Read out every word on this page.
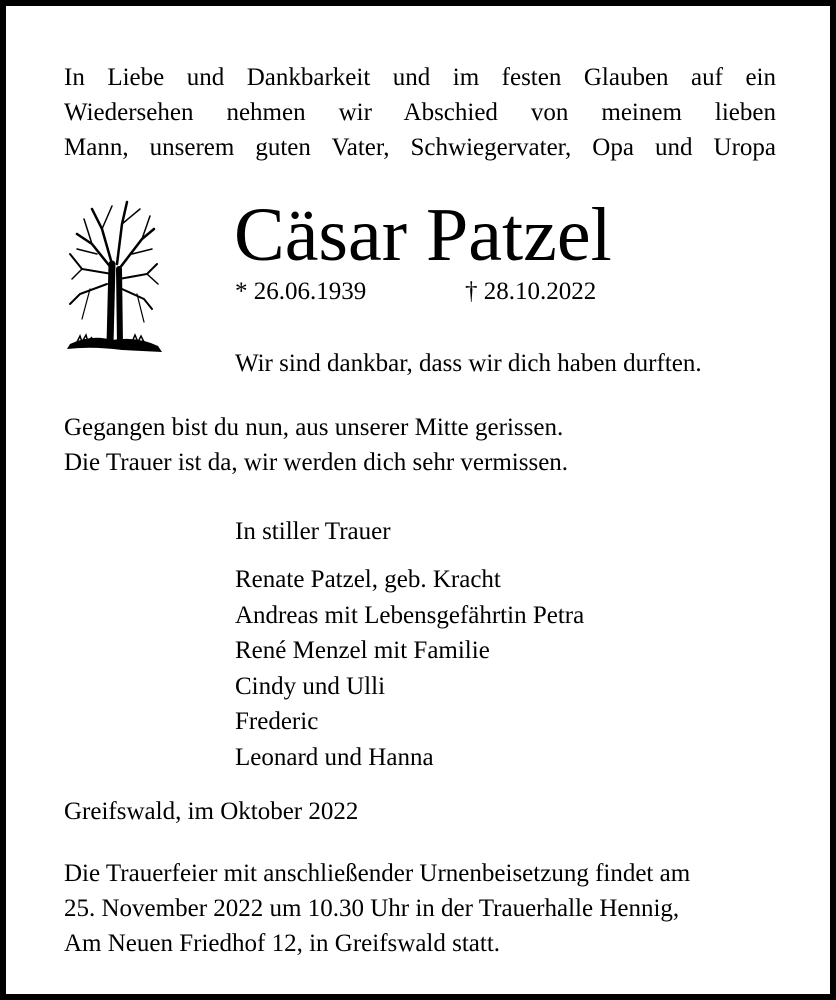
In Liebe und Dankbarkeit und im festen Glauben auf ein
Wiedersehen nehmen wir Abschied von meinem lieben
Mann, unserem guten Vater, Schwiegervater, Opa und Uropa
Cäsar Patzel
* 26.06.1939	† 28.10.2022
Wir sind dankbar, dass wir dich haben durften.
Gegangen bist du nun, aus unserer Mitte gerissen.
Die Trauer ist da, wir werden dich sehr vermissen.
In stiller Trauer
Renate Patzel, geb. Kracht
Andreas mit Lebensgefährtin Petra
René Menzel mit Familie
Cindy und Ulli
Frederic
Leonard und Hanna
Greifswald, im Oktober 2022
Die Trauerfeier mit anschließender Urnenbeisetzung findet am
25. November 2022 um 10.30 Uhr in der Trauerhalle Hennig,
Am Neuen Friedhof 12, in Greifswald statt.
